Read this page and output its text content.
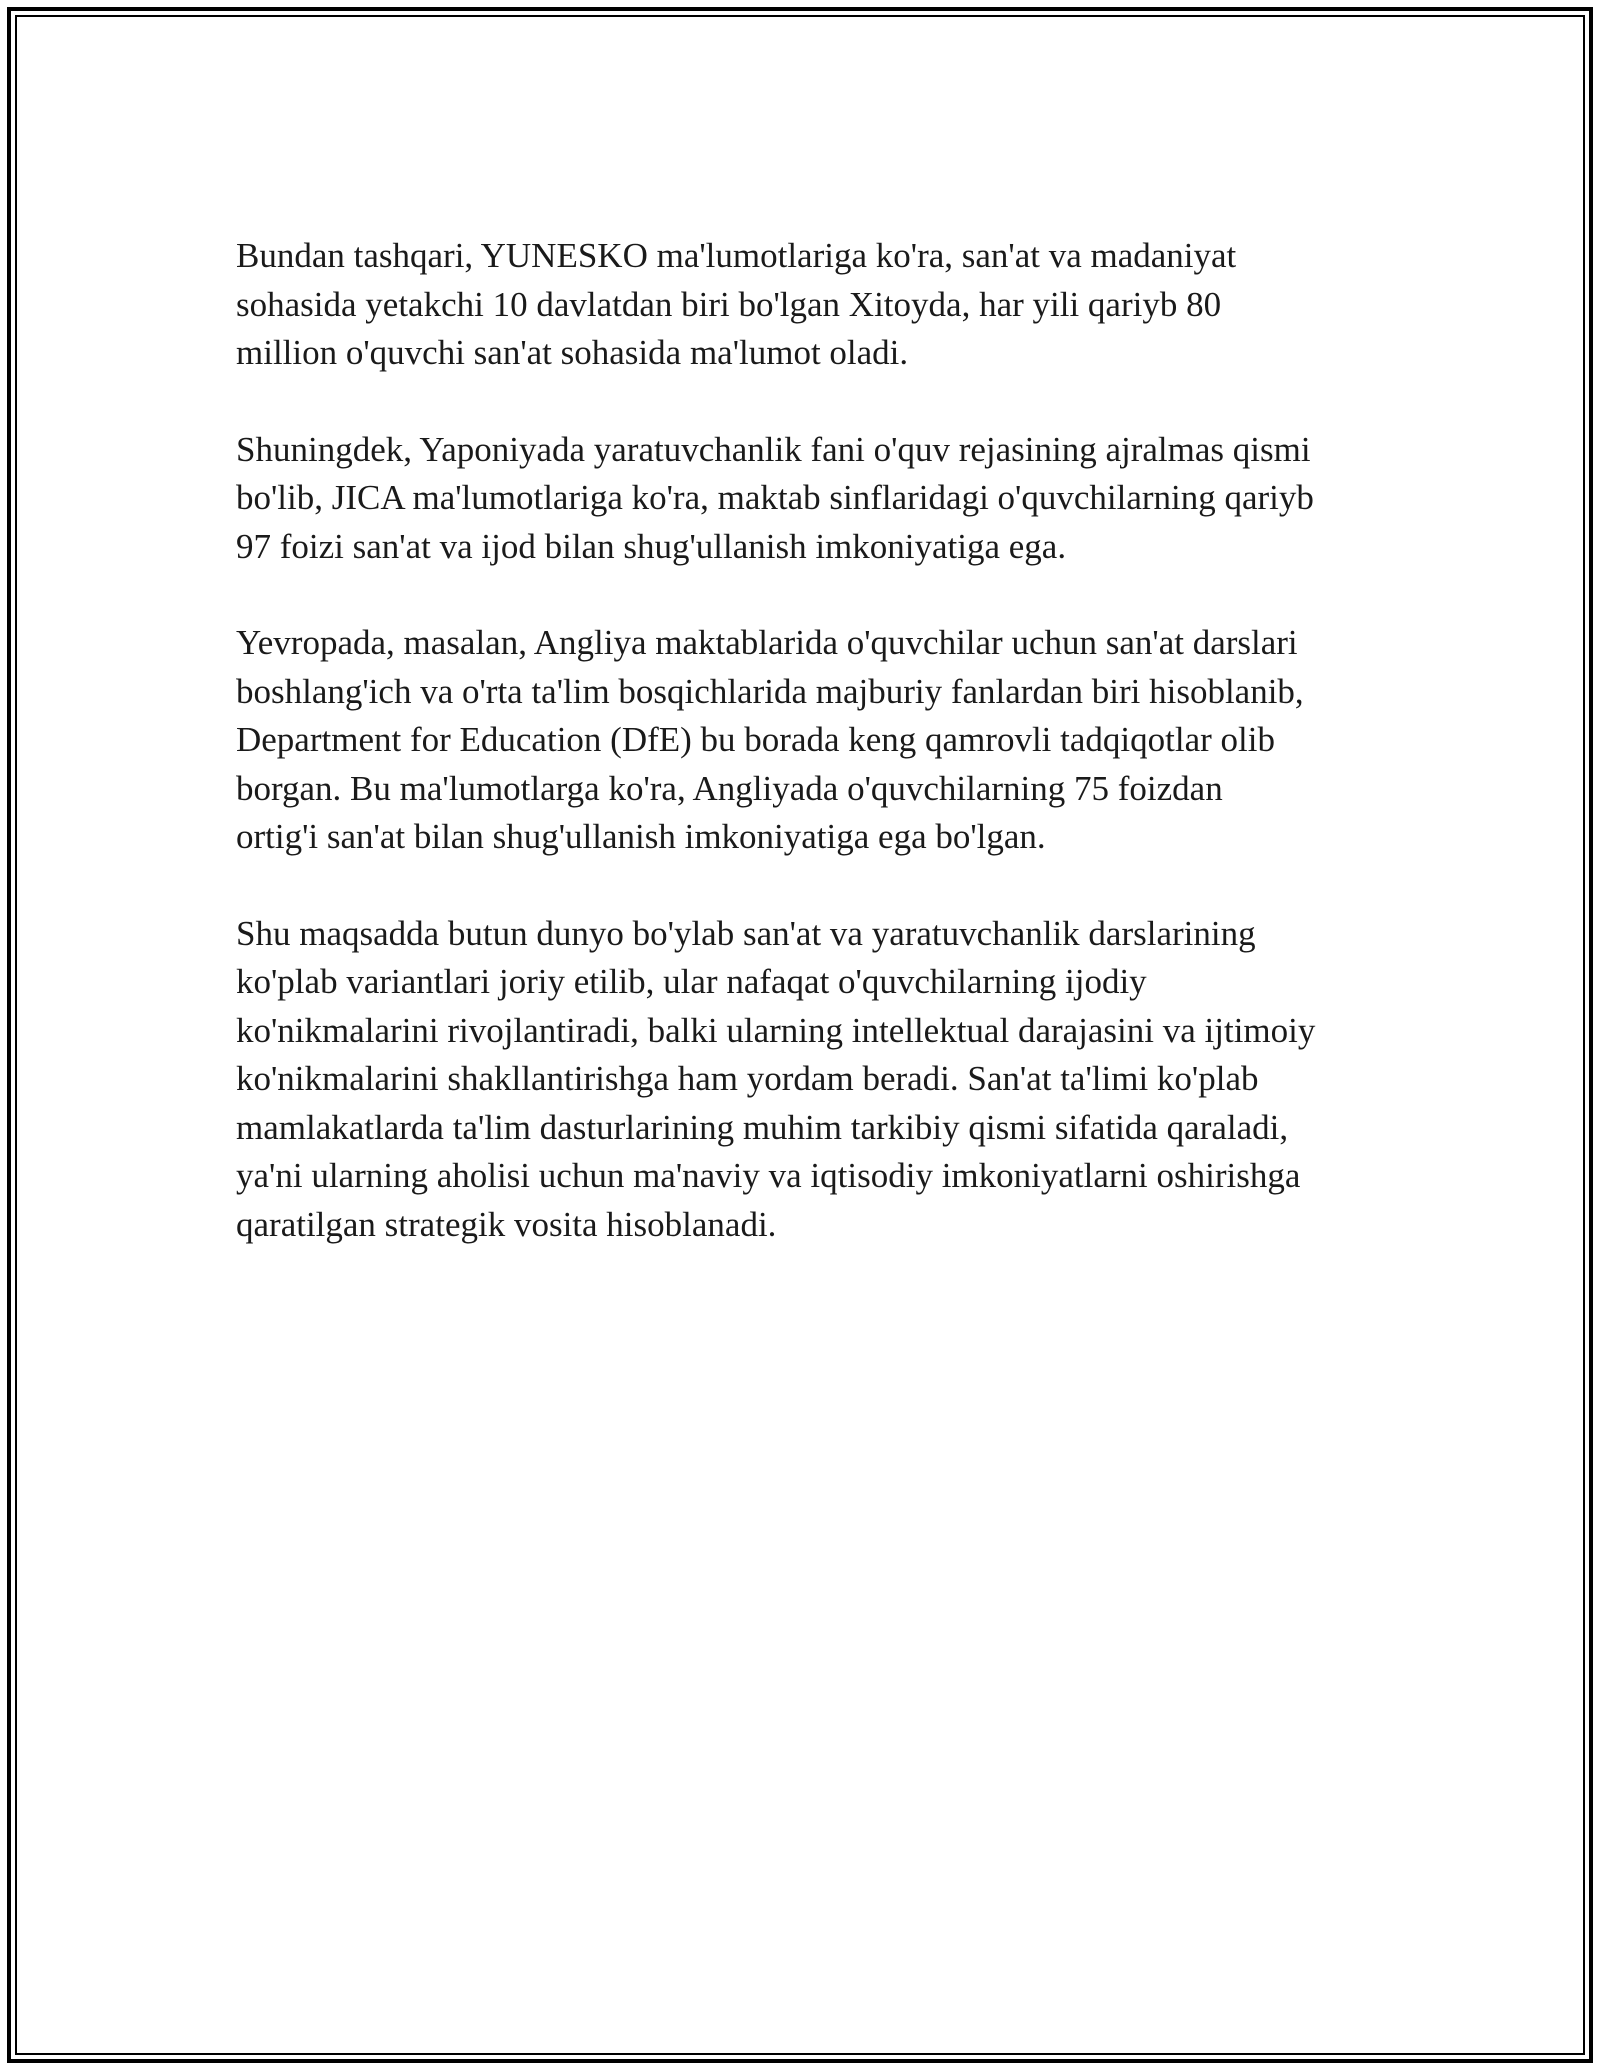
Bundan tashqari, YUNESKO ma'lumotlariga ko'ra, san'at va madaniyat
sohasida yetakchi 10 davlatdan biri bo'lgan Xitoyda, har yili qariyb 80
million o'quvchi san'at sohasida ma'lumot oladi.

Shuningdek, Yaponiyada yaratuvchanlik fani o'quv rejasining ajralmas qismi
bo'lib, JICA ma'lumotlariga ko'ra, maktab sinflaridagi o'quvchilarning qariyb
97 foizi san'at va ijod bilan shug'ullanish imkoniyatiga ega.

Yevropada, masalan, Angliya maktablarida o'quvchilar uchun san'at darslari
boshlang'ich va o'rta ta'lim bosqichlarida majburiy fanlardan biri hisoblanib,
Department for Education (DfE) bu borada keng qamrovli tadqiqotlar olib
borgan. Bu ma'lumotlarga ko'ra, Angliyada o'quvchilarning 75 foizdan
ortig'i san'at bilan shug'ullanish imkoniyatiga ega bo'lgan.

Shu maqsadda butun dunyo bo'ylab san'at va yaratuvchanlik darslarining
ko'plab variantlari joriy etilib, ular nafaqat o'quvchilarning ijodiy
ko'nikmalarini rivojlantiradi, balki ularning intellektual darajasini va ijtimoiy
ko'nikmalarini shakllantirishga ham yordam beradi. San'at ta'limi ko'plab
mamlakatlarda ta'lim dasturlarining muhim tarkibiy qismi sifatida qaraladi,
ya'ni ularning aholisi uchun ma'naviy va iqtisodiy imkoniyatlarni oshirishga
qaratilgan strategik vosita hisoblanadi.
